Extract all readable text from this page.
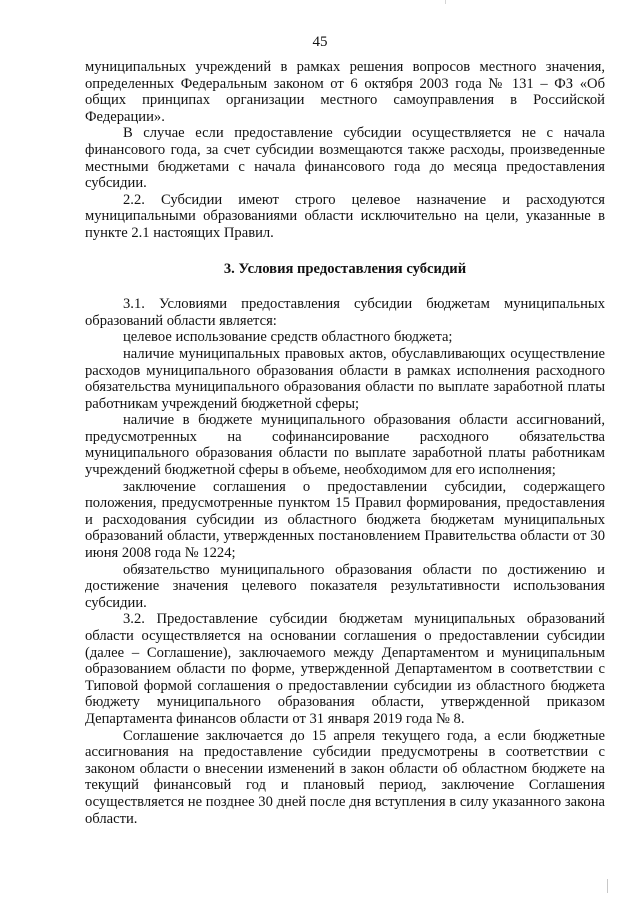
45

муниципальных учреждений в рамках решения вопросов местного значения, определенных Федеральным законом от 6 октября 2003 года № 131 – ФЗ «Об общих принципах организации местного самоуправления в Российской Федерации».

В случае если предоставление субсидии осуществляется не с начала финансового года, за счет субсидии возмещаются также расходы, произведенные местными бюджетами с начала финансового года до месяца предоставления субсидии.

2.2. Субсидии имеют строго целевое назначение и расходуются муниципальными образованиями области исключительно на цели, указанные в пункте 2.1 настоящих Правил.

3. Условия предоставления субсидий

3.1. Условиями предоставления субсидии бюджетам муниципальных образований области является:

целевое использование средств областного бюджета;

наличие муниципальных правовых актов, обуславливающих осуществление расходов муниципального образования области в рамках исполнения расходного обязательства муниципального образования области по выплате заработной платы работникам учреждений бюджетной сферы;

наличие в бюджете муниципального образования области ассигнований, предусмотренных на софинансирование расходного обязательства муниципального образования области по выплате заработной платы работникам учреждений бюджетной сферы в объеме, необходимом для его исполнения;

заключение соглашения о предоставлении субсидии, содержащего положения, предусмотренные пунктом 15 Правил формирования, предоставления и расходования субсидии из областного бюджета бюджетам муниципальных образований области, утвержденных постановлением Правительства области от 30 июня 2008 года № 1224;

обязательство муниципального образования области по достижению и достижение значения целевого показателя результативности использования субсидии.

3.2. Предоставление субсидии бюджетам муниципальных образований области осуществляется на основании соглашения о предоставлении субсидии (далее – Соглашение), заключаемого между Департаментом и муниципальным образованием области по форме, утвержденной Департаментом в соответствии с Типовой формой соглашения о предоставлении субсидии из областного бюджета бюджету муниципального образования области, утвержденной приказом Департамента финансов области от 31 января 2019 года № 8.

Соглашение заключается до 15 апреля текущего года, а если бюджетные ассигнования на предоставление субсидии предусмотрены в соответствии с законом области о внесении изменений в закон области об областном бюджете на текущий финансовый год и плановый период, заключение Соглашения осуществляется не позднее 30 дней после дня вступления в силу указанного закона области.
